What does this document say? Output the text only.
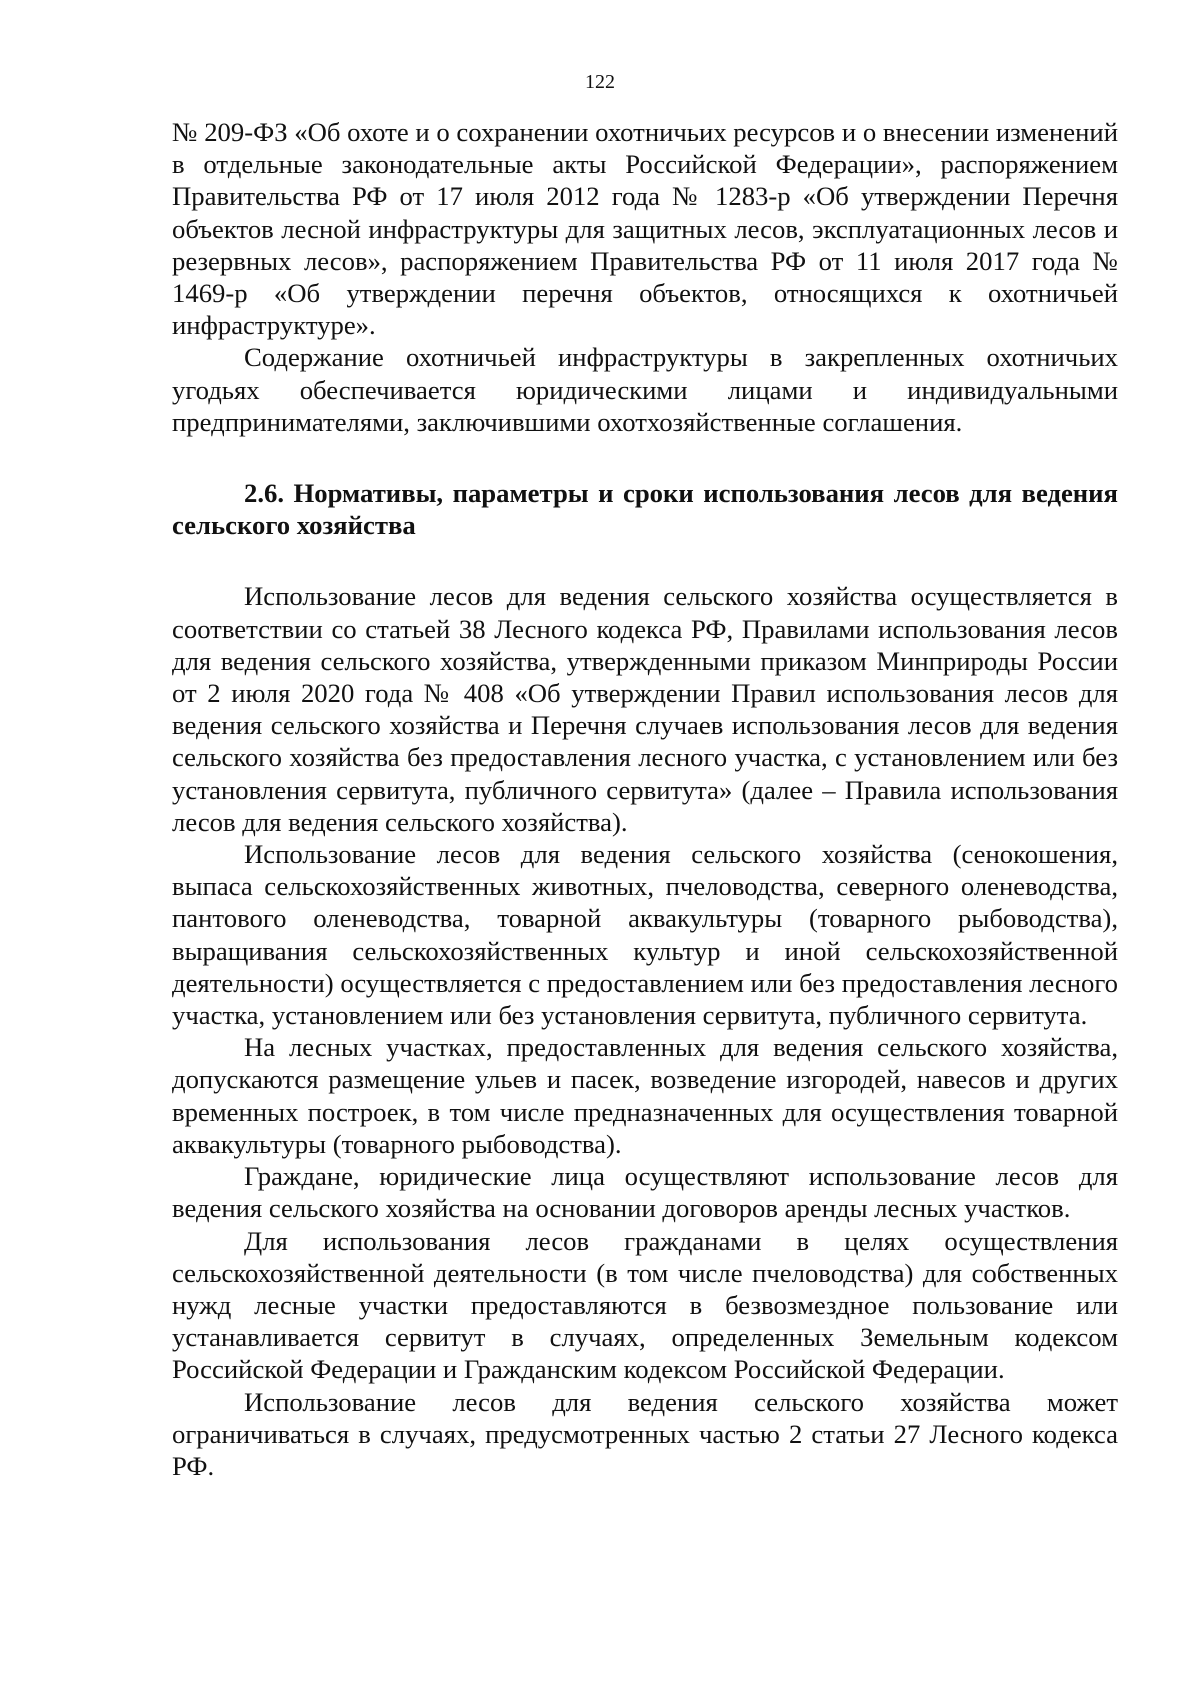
122

№ 209-ФЗ «Об охоте и о сохранении охотничьих ресурсов и о внесении изменений в отдельные законодательные акты Российской Федерации», распоряжением Правительства РФ от 17 июля 2012 года № 1283-р «Об утверждении Перечня объектов лесной инфраструктуры для защитных лесов, эксплуатационных лесов и резервных лесов», распоряжением Правительства РФ от 11 июля 2017 года № 1469-р «Об утверждении перечня объектов, относящихся к охотничьей инфраструктуре».

Содержание охотничьей инфраструктуры в закрепленных охотничьих угодьях обеспечивается юридическими лицами и индивидуальными предпринимателями, заключившими охотхозяйственные соглашения.

2.6. Нормативы, параметры и сроки использования лесов для ведения сельского хозяйства

Использование лесов для ведения сельского хозяйства осуществляется в соответствии со статьей 38 Лесного кодекса РФ, Правилами использования лесов для ведения сельского хозяйства, утвержденными приказом Минприроды России от 2 июля 2020 года № 408 «Об утверждении Правил использования лесов для ведения сельского хозяйства и Перечня случаев использования лесов для ведения сельского хозяйства без предоставления лесного участка, с установлением или без установления сервитута, публичного сервитута» (далее – Правила использования лесов для ведения сельского хозяйства).

Использование лесов для ведения сельского хозяйства (сенокошения, выпаса сельскохозяйственных животных, пчеловодства, северного оленеводства, пантового оленеводства, товарной аквакультуры (товарного рыбоводства), выращивания сельскохозяйственных культур и иной сельскохозяйственной деятельности) осуществляется с предоставлением или без предоставления лесного участка, установлением или без установления сервитута, публичного сервитута.

На лесных участках, предоставленных для ведения сельского хозяйства, допускаются размещение ульев и пасек, возведение изгородей, навесов и других временных построек, в том числе предназначенных для осуществления товарной аквакультуры (товарного рыбоводства).

Граждане, юридические лица осуществляют использование лесов для ведения сельского хозяйства на основании договоров аренды лесных участков.

Для использования лесов гражданами в целях осуществления сельскохозяйственной деятельности (в том числе пчеловодства) для собственных нужд лесные участки предоставляются в безвозмездное пользование или устанавливается сервитут в случаях, определенных Земельным кодексом Российской Федерации и Гражданским кодексом Российской Федерации.

Использование лесов для ведения сельского хозяйства может ограничиваться в случаях, предусмотренных частью 2 статьи 27 Лесного кодекса РФ.
